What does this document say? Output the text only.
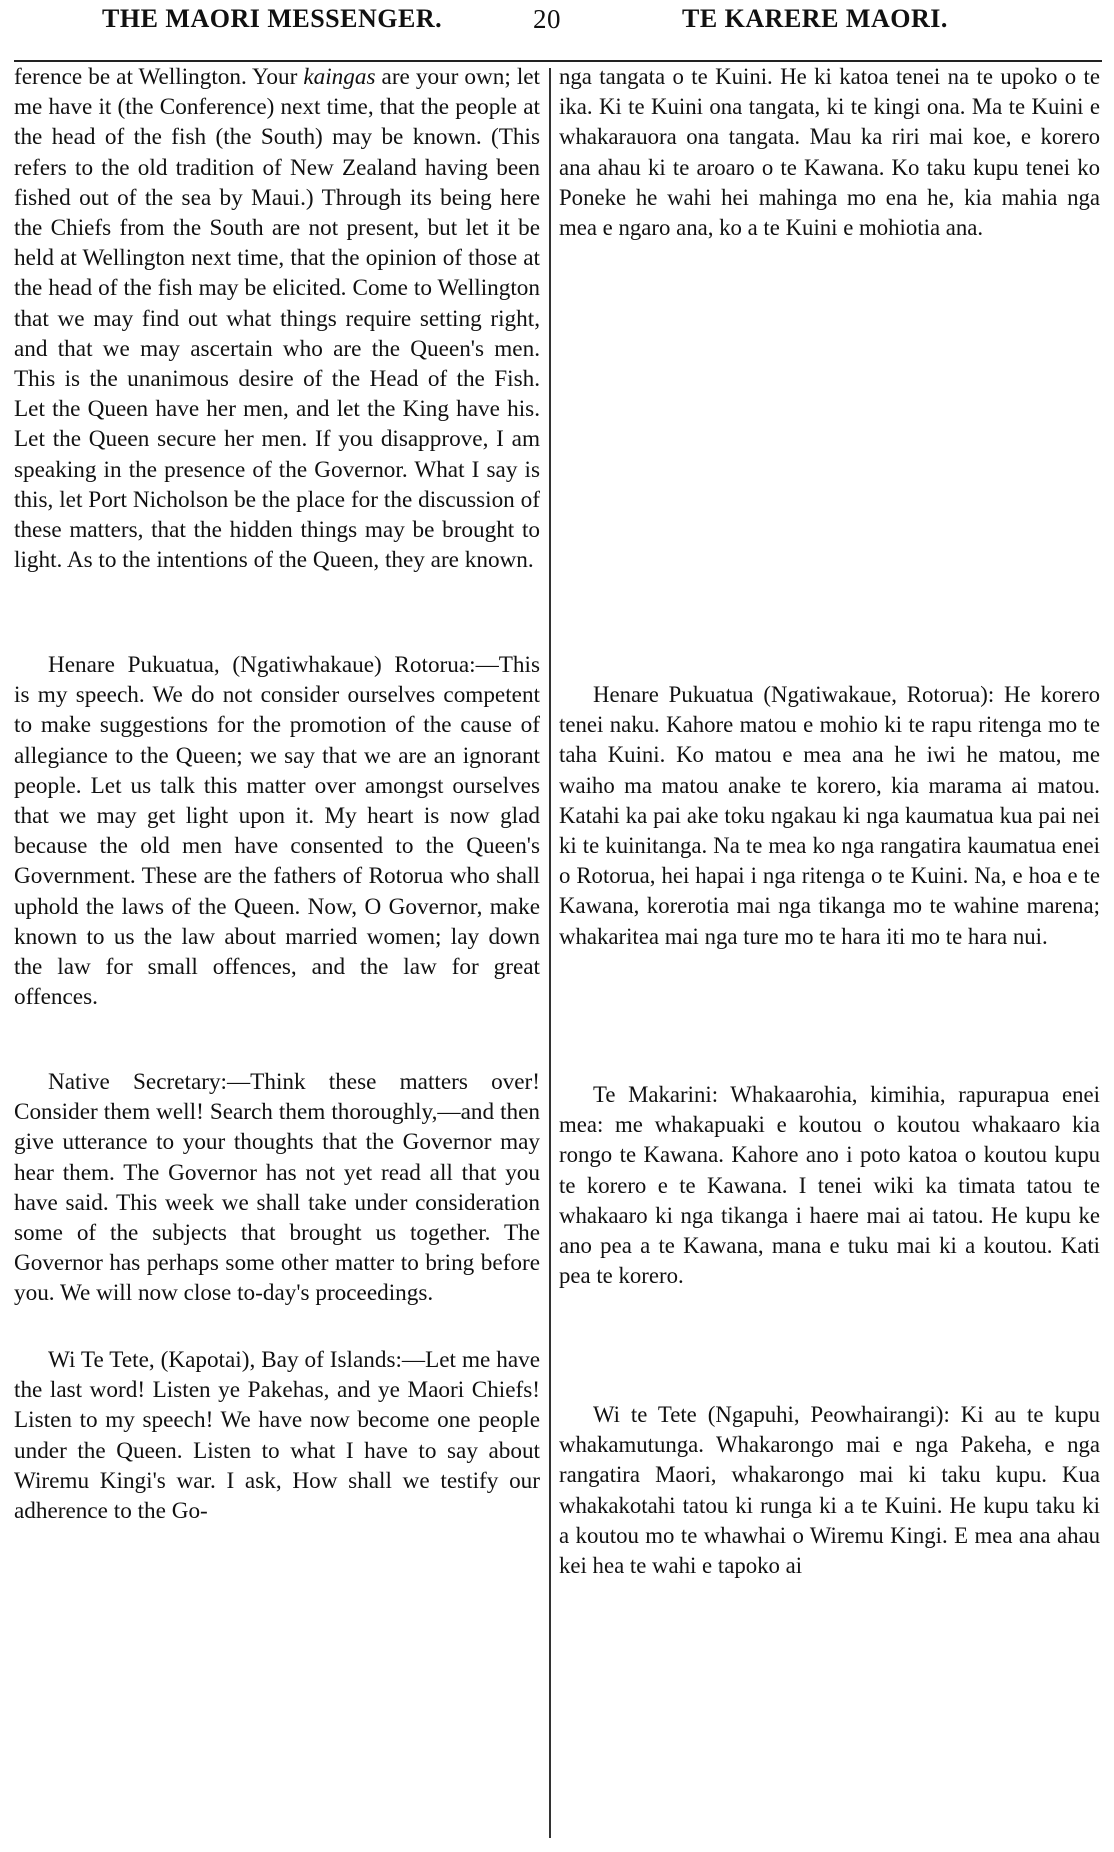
THE MAORI MESSENGER.	20	TE KARERE MAORI.

ference be at Wellington. Your kaingas are your own; let me have it (the Conference) next time, that the people at the head of the fish (the South) may be known. (This refers to the old tradition of New Zealand having been fished out of the sea by Maui.) Through its being here the Chiefs from the South are not present, but let it be held at Wellington next time, that the opinion of those at the head of the fish may be elicited. Come to Wellington that we may find out what things require setting right, and that we may ascertain who are the Queen's men. This is the unanimous desire of the Head of the Fish. Let the Queen have her men, and let the King have his. Let the Queen secure her men. If you disapprove, I am speaking in the presence of the Governor. What I say is this, let Port Nicholson be the place for the discussion of these matters, that the hidden things may be brought to light. As to the intentions of the Queen, they are known.

Henare Pukuatua, (Ngatiwhakaue) Rotorua:—This is my speech. We do not consider ourselves competent to make suggestions for the promotion of the cause of allegiance to the Queen; we say that we are an ignorant people. Let us talk this matter over amongst ourselves that we may get light upon it. My heart is now glad because the old men have consented to the Queen's Government. These are the fathers of Rotorua who shall uphold the laws of the Queen. Now, O Governor, make known to us the law about married women; lay down the law for small offences, and the law for great offences.

Native Secretary:—Think these matters over! Consider them well! Search them thoroughly,—and then give utterance to your thoughts that the Governor may hear them. The Governor has not yet read all that you have said. This week we shall take under consideration some of the subjects that brought us together. The Governor has perhaps some other matter to bring before you. We will now close to-day's proceedings.

Wi Te Tete, (Kapotai), Bay of Islands:—Let me have the last word! Listen ye Pakehas, and ye Maori Chiefs! Listen to my speech! We have now become one people under the Queen. Listen to what I have to say about Wiremu Kingi's war. I ask, How shall we testify our adherence to the Go-

nga tangata o te Kuini. He ki katoa tenei na te upoko o te ika. Ki te Kuini ona tangata, ki te kingi ona. Ma te Kuini e whakarauora ona tangata. Mau ka riri mai koe, e korero ana ahau ki te aroaro o te Kawana. Ko taku kupu tenei ko Poneke he wahi hei mahinga mo ena he, kia mahia nga mea e ngaro ana, ko a te Kuini e mohiotia ana.

Henare Pukuatua (Ngatiwakaue, Rotorua): He korero tenei naku. Kahore matou e mohio ki te rapu ritenga mo te taha Kuini. Ko matou e mea ana he iwi he matou, me waiho ma matou anake te korero, kia marama ai matou. Katahi ka pai ake toku ngakau ki nga kaumatua kua pai nei ki te kuinitanga. Na te mea ko nga rangatira kaumatua enei o Rotorua, hei hapai i nga ritenga o te Kuini. Na, e hoa e te Kawana, korerotia mai nga tikanga mo te wahine marena; whakaritea mai nga ture mo te hara iti mo te hara nui.

Te Makarini: Whakaarohia, kimihia, rapurapua enei mea: me whakapuaki e koutou o koutou whakaaro kia rongo te Kawana. Kahore ano i poto katoa o koutou kupu te korero e te Kawana. I tenei wiki ka timata tatou te whakaaro ki nga tikanga i haere mai ai tatou. He kupu ke ano pea a te Kawana, mana e tuku mai ki a koutou. Kati pea te korero.

Wi te Tete (Ngapuhi, Peowhairangi): Ki au te kupu whakamutunga. Whakarongo mai e nga Pakeha, e nga rangatira Maori, whakarongo mai ki taku kupu. Kua whakakotahi tatou ki runga ki a te Kuini. He kupu taku ki a koutou mo te whawhai o Wiremu Kingi. E mea ana ahau kei hea te wahi e tapoko ai
